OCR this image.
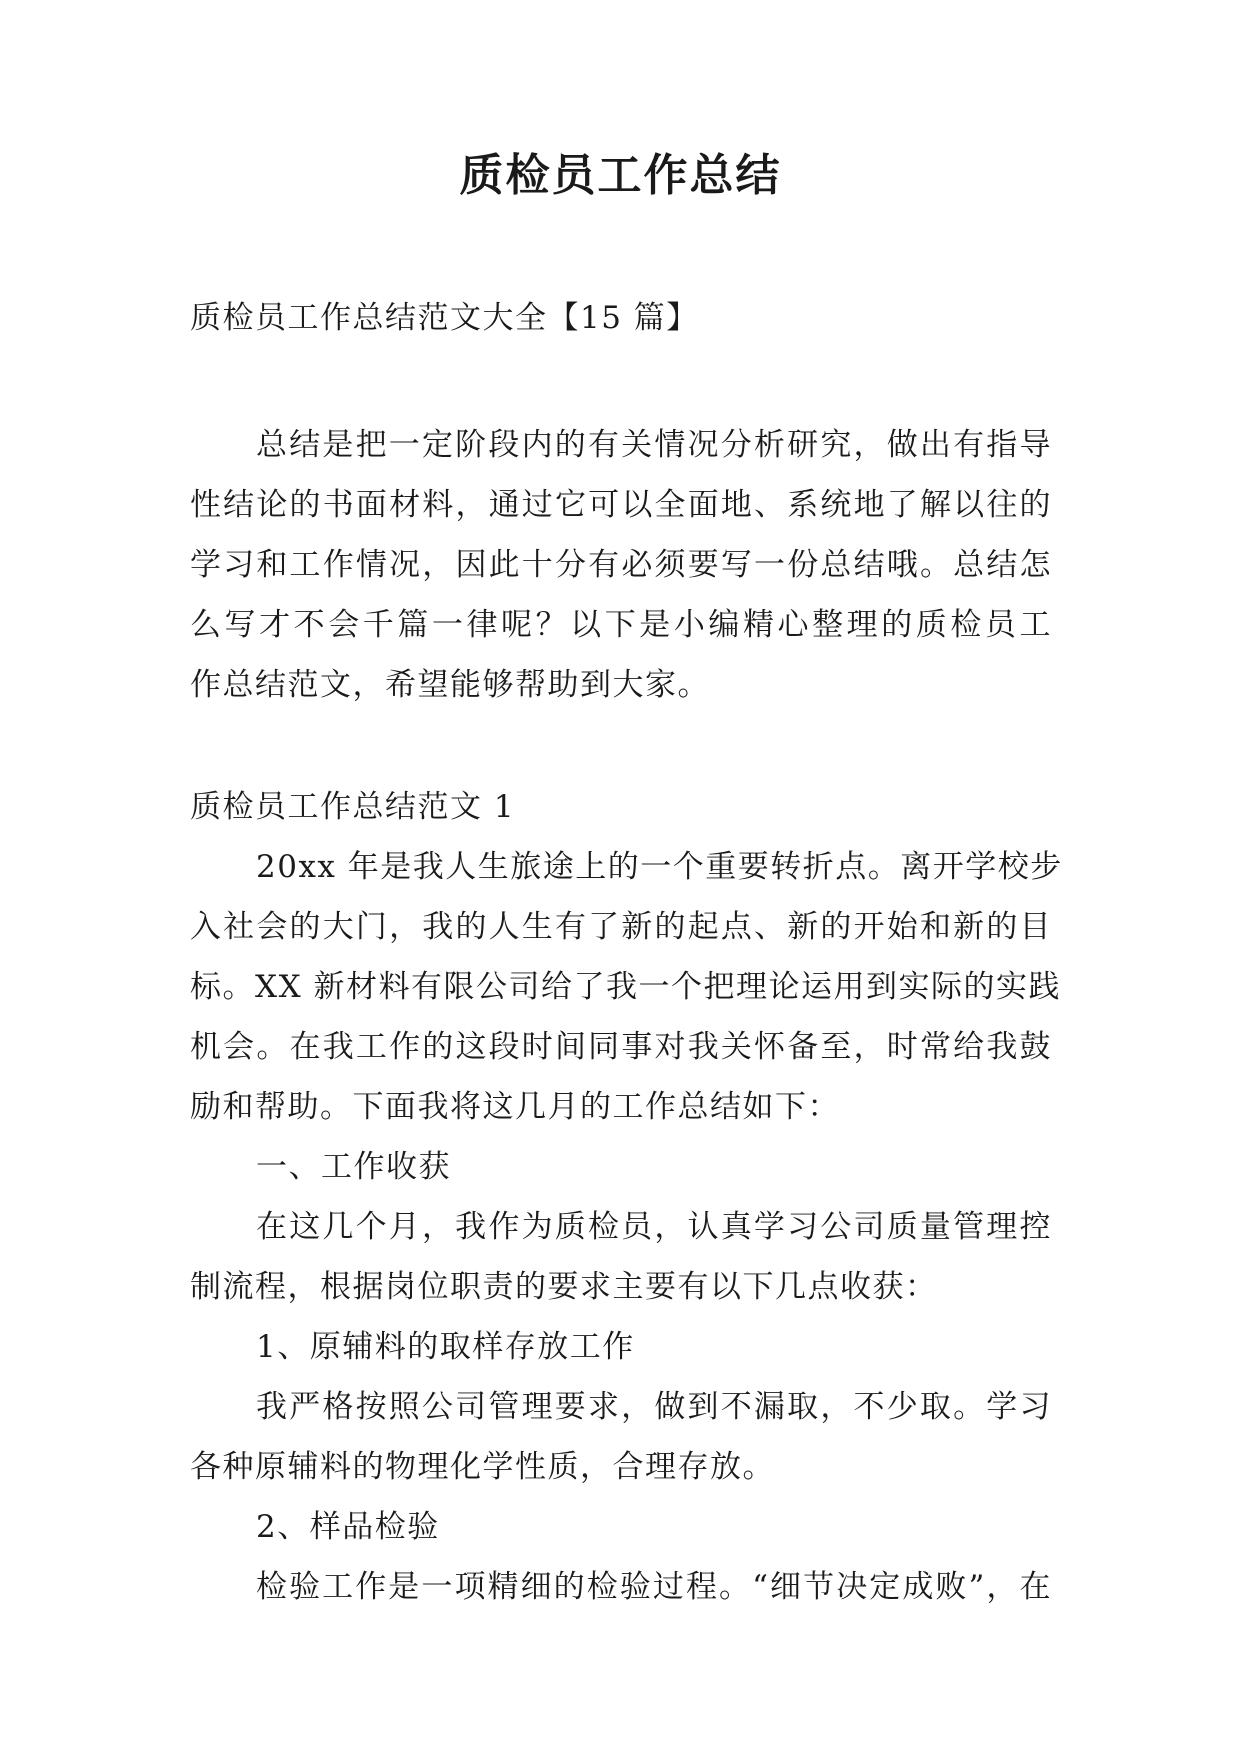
质检员工作总结

质检员工作总结范文大全【15 篇】

总结是把一定阶段内的有关情况分析研究，做出有指导

性结论的书面材料，通过它可以全面地、系统地了解以往的

学习和工作情况，因此十分有必须要写一份总结哦。总结怎

么写才不会千篇一律呢？以下是小编精心整理的质检员工

作总结范文，希望能够帮助到大家。

质检员工作总结范文 1

20xx 年是我人生旅途上的一个重要转折点。离开学校步

入社会的大门，我的人生有了新的起点、新的开始和新的目

标。XX 新材料有限公司给了我一个把理论运用到实际的实践

机会。在我工作的这段时间同事对我关怀备至，时常给我鼓

励和帮助。下面我将这几月的工作总结如下：

一、工作收获

在这几个月，我作为质检员，认真学习公司质量管理控

制流程，根据岗位职责的要求主要有以下几点收获：

1、原辅料的取样存放工作

我严格按照公司管理要求，做到不漏取，不少取。学习

各种原辅料的物理化学性质，合理存放。

2、样品检验

检验工作是一项精细的检验过程。“细节决定成败”，在
